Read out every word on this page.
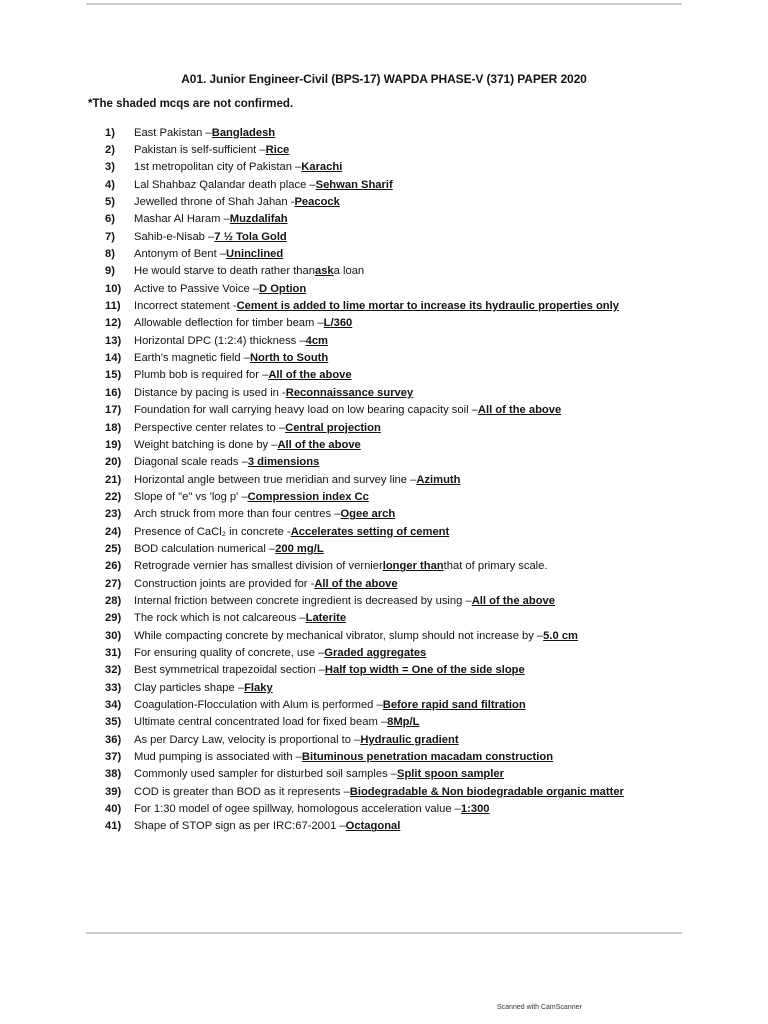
A01. Junior Engineer-Civil (BPS-17) WAPDA PHASE-V (371) PAPER 2020
*The shaded mcqs are not confirmed.
1)	East Pakistan – Bangladesh
2)	Pakistan is self-sufficient – Rice
3)	1st metropolitan city of Pakistan – Karachi
4)	Lal Shahbaz Qalandar death place – Sehwan Sharif
5)	Jewelled throne of Shah Jahan - Peacock
6)	Mashar Al Haram – Muzdalifah
7)	Sahib-e-Nisab – 7 ½ Tola Gold
8)	Antonym of Bent – Uninclined
9)	He would starve to death rather than ask a loan
10)	Active to Passive Voice – D Option
11)	Incorrect statement - Cement is added to lime mortar to increase its hydraulic properties only
12)	Allowable deflection for timber beam – L/360
13)	Horizontal DPC (1:2:4) thickness – 4cm
14)	Earth's magnetic field – North to South
15)	Plumb bob is required for – All of the above
16)	Distance by pacing is used in - Reconnaissance survey
17)	Foundation for wall carrying heavy load on low bearing capacity soil – All of the above
18)	Perspective center relates to – Central projection
19)	Weight batching is done by – All of the above
20)	Diagonal scale reads – 3 dimensions
21)	Horizontal angle between true meridian and survey line – Azimuth
22)	Slope of "e" vs 'log p' – Compression index Cc
23)	Arch struck from more than four centres – Ogee arch
24)	Presence of CaCl₂ in concrete - Accelerates setting of cement
25)	BOD calculation numerical – 200 mg/L
26)	Retrograde vernier has smallest division of vernier longer than that of primary scale.
27)	Construction joints are provided for - All of the above
28)	Internal friction between concrete ingredient is decreased by using – All of the above
29)	The rock which is not calcareous – Laterite
30)	While compacting concrete by mechanical vibrator, slump should not increase by – 5.0 cm
31)	For ensuring quality of concrete, use – Graded aggregates
32)	Best symmetrical trapezoidal section – Half top width = One of the side slope
33)	Clay particles shape – Flaky
34)	Coagulation-Flocculation with Alum is performed – Before rapid sand filtration
35)	Ultimate central concentrated load for fixed beam – 8Mp/L
36)	As per Darcy Law, velocity is proportional to – Hydraulic gradient
37)	Mud pumping is associated with – Bituminous penetration macadam construction
38)	Commonly used sampler for disturbed soil samples – Split spoon sampler
39)	COD is greater than BOD as it represents – Biodegradable & Non biodegradable organic matter
40)	For 1:30 model of ogee spillway, homologous acceleration value – 1:300
41)	Shape of STOP sign as per IRC:67-2001 – Octagonal
Scanned with CamScanner
